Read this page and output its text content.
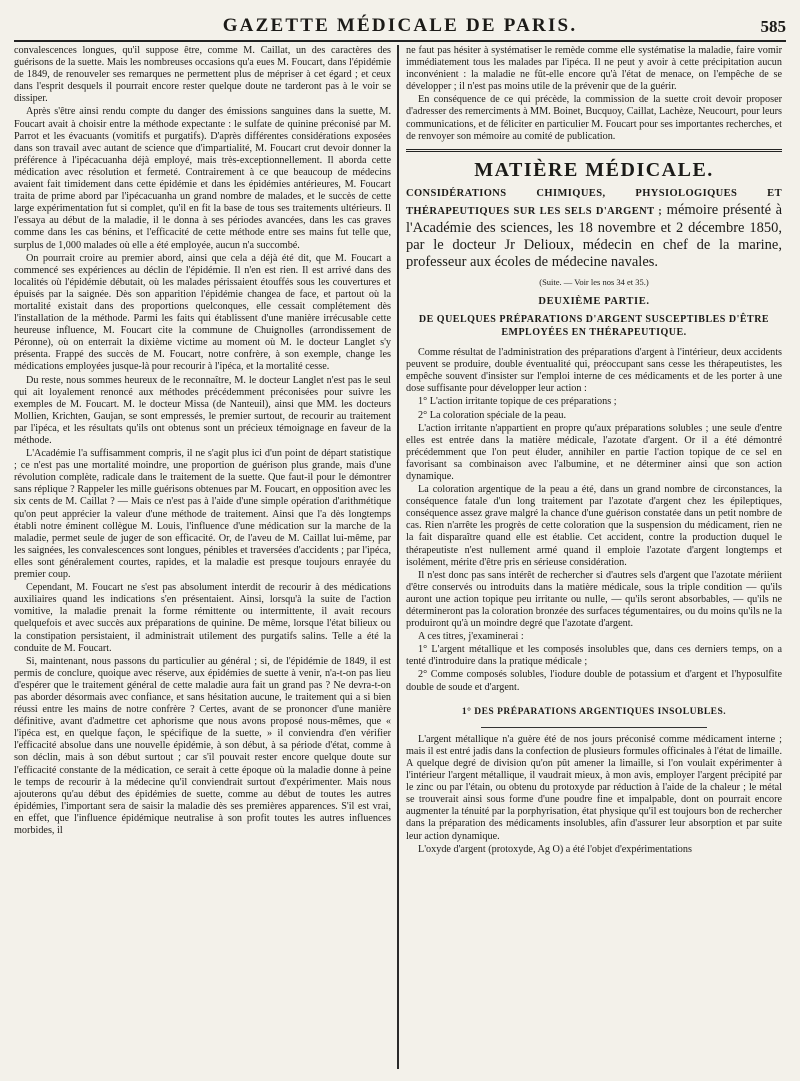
GAZETTE MÉDICALE DE PARIS.	585

convalescences longues, qu'il suppose être, comme M. Caillat, un des caractères des guérisons de la suette. Mais les nombreuses occasions qu'a eues M. Foucart, dans l'épidémie de 1849, de renouveler ses remarques ne permettent plus de mépriser à cet égard ; et ceux dans l'esprit desquels il pourrait encore rester quelque doute ne tarderont pas à le voir se dissiper.

Après s'être ainsi rendu compte du danger des émissions sanguines dans la suette, M. Foucart avait à choisir entre la méthode expectante : le sulfate de quinine préconisé par M. Parrot et les évacuants (vomitifs et purgatifs). D'après différentes considérations exposées dans son travail avec autant de science que d'impartialité, M. Foucart crut devoir donner la préférence à l'ipécacuanha déjà employé, mais très-exceptionnellement. Il aborda cette médication avec résolution et fermeté. Contrairement à ce que beaucoup de médecins avaient fait timidement dans cette épidémie et dans les épidémies antérieures, M. Foucart traita de prime abord par l'ipécacuanha un grand nombre de malades, et le succès de cette large expérimentation fut si complet, qu'il en fit la base de tous ses traitements ultérieurs. Il l'essaya au début de la maladie, il le donna à ses périodes avancées, dans les cas graves comme dans les cas bénins, et l'efficacité de cette méthode entre ses mains fut telle que, surplus de 1,000 malades où elle a été employée, aucun n'a succombé.

On pourrait croire au premier abord, ainsi que cela a déjà été dit, que M. Foucart a commencé ses expériences au déclin de l'épidémie. Il n'en est rien. Il est arrivé dans des localités où l'épidémie débutait, où les malades périssaient étouffés sous les couvertures et épuisés par la saignée. Dès son apparition l'épidémie changea de face, et partout où la mortalité existait dans des proportions quelconques, elle cessait complétement dès l'installation de la méthode. Parmi les faits qui établissent d'une manière irrécusable cette heureuse influence, M. Foucart cite la commune de Chuignolles (arrondissement de Péronne), où on enterrait la dixième victime au moment où M. le docteur Langlet s'y présenta. Frappé des succès de M. Foucart, notre confrère, à son exemple, change les médications employées jusque-là pour recourir à l'ipéca, et la mortalité cesse.

Du reste, nous sommes heureux de le reconnaître, M. le docteur Langlet n'est pas le seul qui ait loyalement renoncé aux méthodes précédemment préconisées pour suivre les exemples de M. Foucart. M. le docteur Missa (de Nanteuil), ainsi que MM. les docteurs Mollien, Krichten, Gaujan, se sont empressés, le premier surtout, de recourir au traitement par l'ipéca, et les résultats qu'ils ont obtenus sont un précieux témoignage en faveur de la méthode.

L'Académie l'a suffisamment compris, il ne s'agit plus ici d'un point de départ statistique ; ce n'est pas une mortalité moindre, une proportion de guérison plus grande, mais d'une révolution complète, radicale dans le traitement de la suette. Que faut-il pour le démontrer sans réplique ? Rappeler les mille guérisons obtenues par M. Foucart, en opposition avec les six cents de M. Caillat ? — Mais ce n'est pas à l'aide d'une simple opération d'arithmétique qu'on peut apprécier la valeur d'une méthode de traitement. Ainsi que l'a dès longtemps établi notre éminent collègue M. Louis, l'influence d'une médication sur la marche de la maladie, permet seule de juger de son efficacité. Or, de l'aveu de M. Caillat lui-même, par les saignées, les convalescences sont longues, pénibles et traversées d'accidents ; par l'ipéca, elles sont généralement courtes, rapides, et la maladie est presque toujours enrayée du premier coup.

Cependant, M. Foucart ne s'est pas absolument interdit de recourir à des médications auxiliaires quand les indications s'en présentaient. Ainsi, lorsqu'à la suite de l'action vomitive, la maladie prenait la forme rémittente ou intermittente, il avait recours quelquefois et avec succès aux préparations de quinine. De même, lorsque l'état bilieux ou la constipation persistaient, il administrait utilement des purgatifs salins. Telle a été la conduite de M. Foucart.

Si, maintenant, nous passons du particulier au général ; si, de l'épidémie de 1849, il est permis de conclure, quoique avec réserve, aux épidémies de suette à venir, n'a-t-on pas lieu d'espérer que le traitement général de cette maladie aura fait un grand pas ? Ne devra-t-on pas aborder désormais avec confiance, et sans hésitation aucune, le traitement qui a si bien réussi entre les mains de notre confrère ? Certes, avant de se prononcer d'une manière définitive, avant d'admettre cet aphorisme que nous avons proposé nous-mêmes, que « l'ipéca est, en quelque façon, le spécifique de la suette, » il conviendra d'en vérifier l'efficacité absolue dans une nouvelle épidémie, à son début, à sa période d'état, comme à son déclin, mais à son début surtout ; car s'il pouvait rester encore quelque doute sur l'efficacité constante de la médication, ce serait à cette époque où la maladie donne à peine le temps de recourir à la médecine qu'il conviendrait surtout d'expérimenter. Mais nous ajouterons qu'au début des épidémies de suette, comme au début de toutes les autres épidémies, l'important sera de saisir la maladie dès ses premières apparences. S'il est vrai, en effet, que l'influence épidémique neutralise à son profit toutes les autres influences morbides, il

ne faut pas hésiter à systématiser le remède comme elle systématise la maladie, faire vomir immédiatement tous les malades par l'ipéca. Il ne peut y avoir à cette précipitation aucun inconvénient : la maladie ne fût-elle encore qu'à l'état de menace, on l'empêche de se développer ; il n'est pas moins utile de la prévenir que de la guérir.

En conséquence de ce qui précède, la commission de la suette croit devoir proposer d'adresser des remerciments à MM. Boinet, Bucquoy, Caillat, Lachèze, Neucourt, pour leurs communications, et de féliciter en particulier M. Foucart pour ses importantes recherches, et de renvoyer son mémoire au comité de publication.

MATIÈRE MÉDICALE.

CONSIDÉRATIONS CHIMIQUES, PHYSIOLOGIQUES ET THÉRAPEUTIQUES SUR LES SELS D'ARGENT ; mémoire présenté à l'Académie des sciences, les 18 novembre et 2 décembre 1850, par le docteur Jr Delioux, médecin en chef de la marine, professeur aux écoles de médecine navales.

(Suite. — Voir les nos 34 et 35.)
DEUXIÈME PARTIE.
DE QUELQUES PRÉPARATIONS D'ARGENT SUSCEPTIBLES D'ÊTRE EMPLOYÉES EN THÉRAPEUTIQUE.

Comme résultat de l'administration des préparations d'argent à l'intérieur, deux accidents peuvent se produire, double éventualité qui, préoccupant sans cesse les thérapeutistes, les empêche souvent d'insister sur l'emploi interne de ces médicaments et de les porter à une dose suffisante pour développer leur action :

1° L'action irritante topique de ces préparations ;

2° La coloration spéciale de la peau.

L'action irritante n'appartient en propre qu'aux préparations solubles ; une seule d'entre elles est entrée dans la matière médicale, l'azotate d'argent. Or il a été démontré précédemment que l'on peut éluder, annihiler en partie l'action topique de ce sel en favorisant sa combinaison avec l'albumine, et ne déterminer ainsi que son action dynamique.

La coloration argentique de la peau a été, dans un grand nombre de circonstances, la conséquence fatale d'un long traitement par l'azotate d'argent chez les épileptiques, conséquence assez grave malgré la chance d'une guérison constatée dans un petit nombre de cas. Rien n'arrête les progrès de cette coloration que la suspension du médicament, rien ne la fait disparaître quand elle est établie. Cet accident, contre la production duquel le thérapeutiste n'est nullement armé quand il emploie l'azotate d'argent longtemps et isolément, mérite d'être pris en sérieuse considération.

Il n'est donc pas sans intérêt de rechercher si d'autres sels d'argent que l'azotate mériient d'être conservés ou introduits dans la matière médicale, sous la triple condition — qu'ils auront une action topique peu irritante ou nulle, — qu'ils seront absorbables, — qu'ils ne détermineront pas la coloration bronzée des surfaces tégumentaires, ou du moins qu'ils ne la produiront qu'à un moindre degré que l'azotate d'argent.

A ces titres, j'examinerai :

1° L'argent métallique et les composés insolubles que, dans ces derniers temps, on a tenté d'introduire dans la pratique médicale ;

2° Comme composés solubles, l'iodure double de potassium et d'argent et l'hyposulfite double de soude et d'argent.

1° DES PRÉPARATIONS ARGENTIQUES INSOLUBLES.

L'argent métallique n'a guère été de nos jours préconisé comme médicament interne ; mais il est entré jadis dans la confection de plusieurs formules officinales à l'état de limaille. A quelque degré de division qu'on pût amener la limaille, si l'on voulait expérimenter à l'intérieur l'argent métallique, il vaudrait mieux, à mon avis, employer l'argent précipité par le zinc ou par l'étain, ou obtenu du protoxyde par réduction à l'aide de la chaleur ; le métal se trouverait ainsi sous forme d'une poudre fine et impalpable, dont on pourrait encore augmenter la ténuité par la porphyrisation, état physique qu'il est toujours bon de rechercher dans la préparation des médicaments insolubles, afin d'assurer leur absorption et par suite leur action dynamique.

L'oxyde d'argent (protoxyde, Ag O) a été l'objet d'expérimentations
